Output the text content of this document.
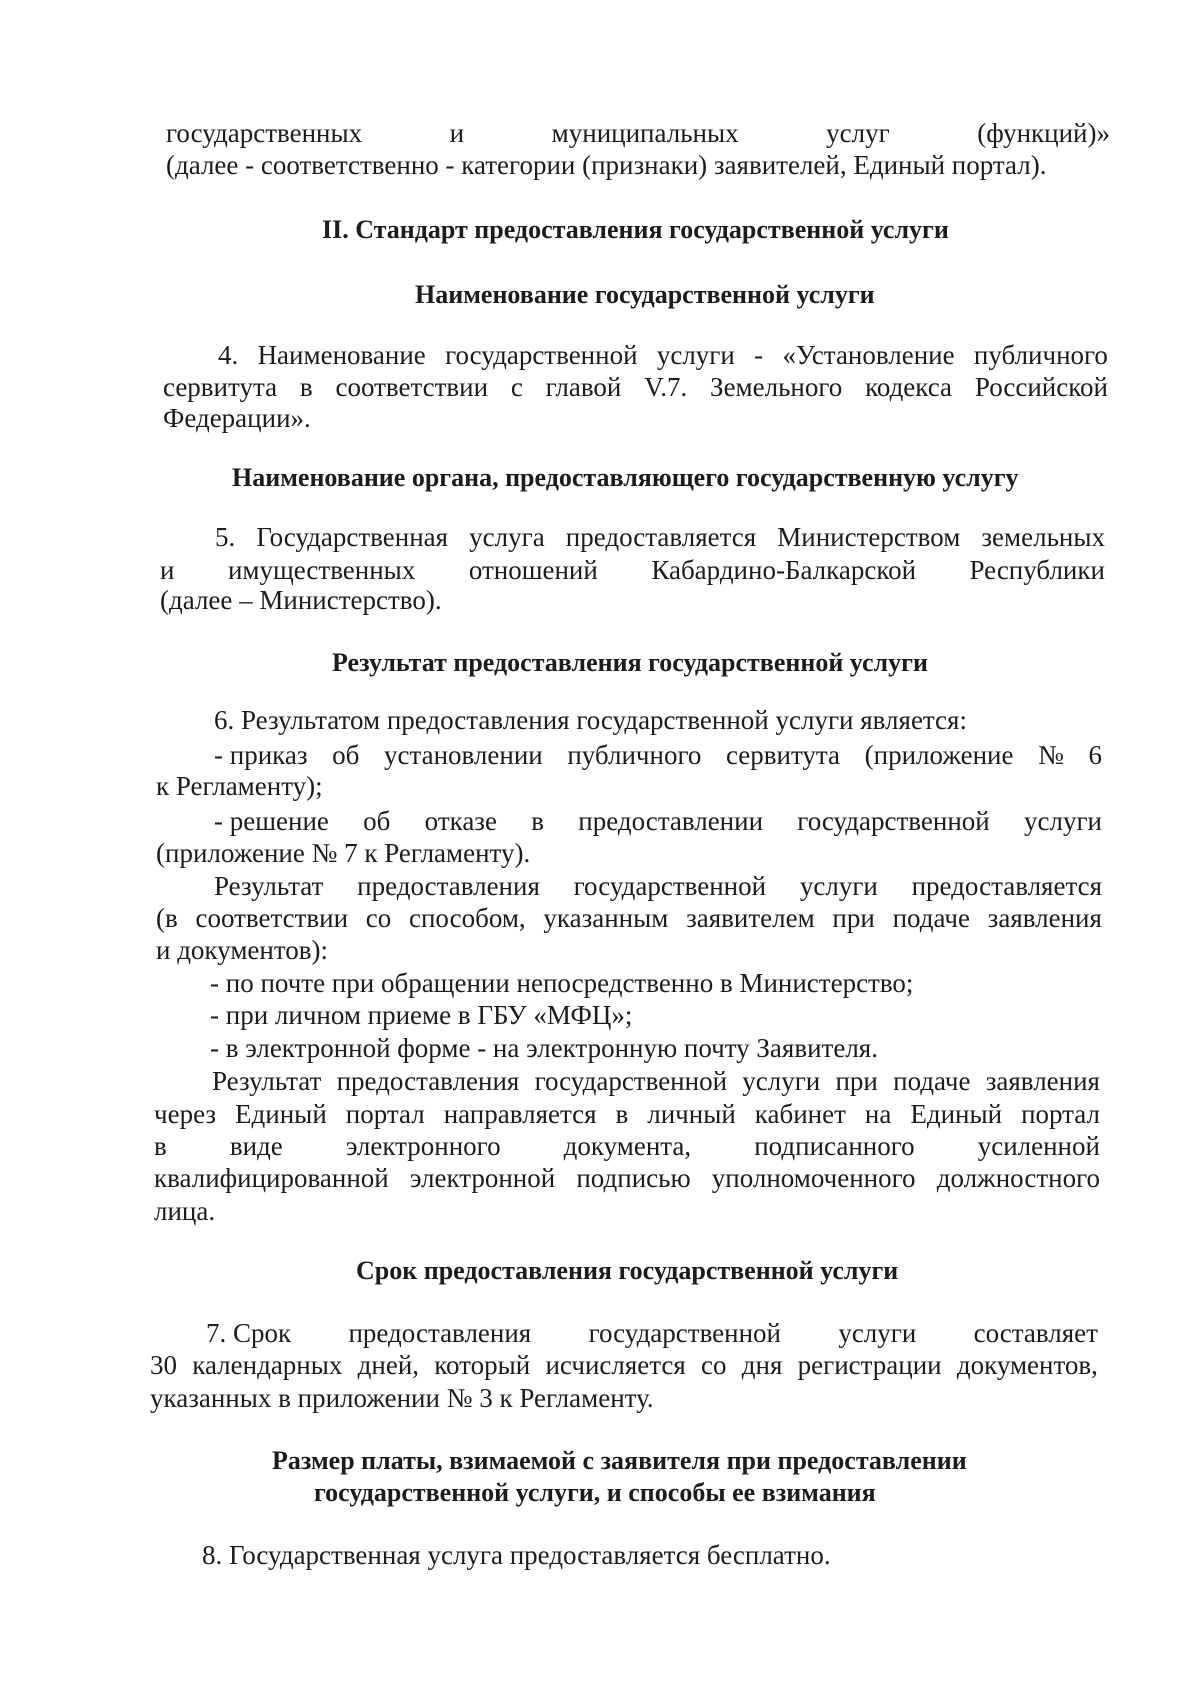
государственных	и	муниципальных	услуг	(функций)»
(далее - соответственно - категории (признаки) заявителей, Единый портал).
II. Стандарт предоставления государственной услуги
Наименование государственной услуги
4. Наименование государственной услуги - «Установление публичного
сервитута в соответствии с главой V.7. Земельного кодекса Российской
Федерации».
Наименование органа, предоставляющего государственную услугу
5. Государственная услуга предоставляется Министерством земельных
и имущественных отношений Кабардино-Балкарской Республики
(далее – Министерство).
Результат предоставления государственной услуги
6. Результатом предоставления государственной услуги является:
- приказ об установлении публичного сервитута (приложение № 6
к Регламенту);
- решение об отказе в предоставлении государственной услуги
(приложение № 7 к Регламенту).
Результат предоставления государственной услуги предоставляется
(в соответствии со способом, указанным заявителем при подаче заявления
и документов):
- по почте при обращении непосредственно в Министерство;
- при личном приеме в ГБУ «МФЦ»;
- в электронной форме - на электронную почту Заявителя.
Результат предоставления государственной услуги при подаче заявления
через Единый портал направляется в личный кабинет на Единый портал
в виде электронного документа, подписанного усиленной
квалифицированной электронной подписью уполномоченного должностного
лица.
Срок предоставления государственной услуги
7. Срок предоставления государственной услуги составляет
30 календарных дней, который исчисляется со дня регистрации документов,
указанных в приложении № 3 к Регламенту.
Размер платы, взимаемой с заявителя при предоставлении
государственной услуги, и способы ее взимания
8. Государственная услуга предоставляется бесплатно.
